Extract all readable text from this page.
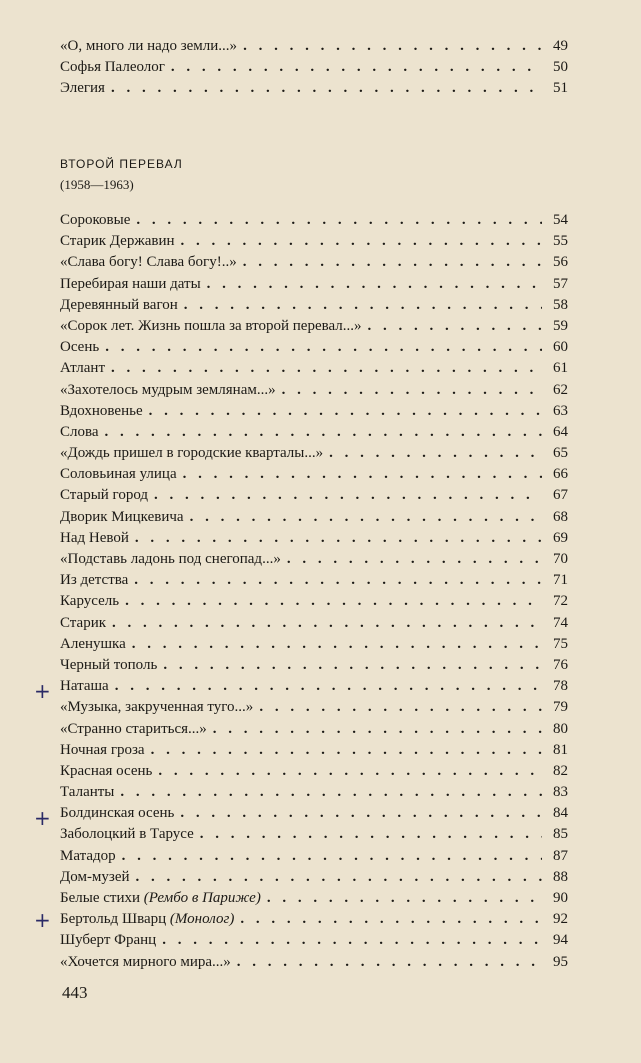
«О, много ли надо земли...» . . .	49
Софья Палеолог . . .	50
Элегия . . .	51
ВТОРОЙ ПЕРЕВАЛ
(1958—1963)
Сороковые . . .	54
Старик Державин . . .	55
«Слава богу! Слава богу!..» . . .	56
Перебирая наши даты . . .	57
Деревянный вагон . . .	58
«Сорок лет. Жизнь пошла за второй перевал...» . . .	59
Осень . . .	60
Атлант . . .	61
«Захотелось мудрым землянам...» . . .	62
Вдохновенье . . .	63
Слова . . .	64
«Дождь пришел в городские кварталы...» . . .	65
Соловьиная улица . . .	66
Старый город . . .	67
Дворик Мицкевича . . .	68
Над Невой . . .	69
«Подставь ладонь под снегопад...» . . .	70
Из детства . . .	71
Карусель . . .	72
Старик . . .	74
Аленушка . . .	75
Черный тополь . . .	76
Наташа . . .	78
«Музыка, закрученная туго...» . . .	79
«Странно стариться...» . . .	80
Ночная гроза . . .	81
Красная осень . . .	82
Таланты . . .	83
Болдинская осень . . .	84
Заболоцкий в Тарусе . . .	85
Матадор . . .	87
Дом-музей . . .	88
Белые стихи (Рембо в Париже) . . .	90
Бертольд Шварц (Монолог) . . .	92
Шуберт Франц . . .	94
«Хочется мирного мира...» . . .	95
+
+
+
443
